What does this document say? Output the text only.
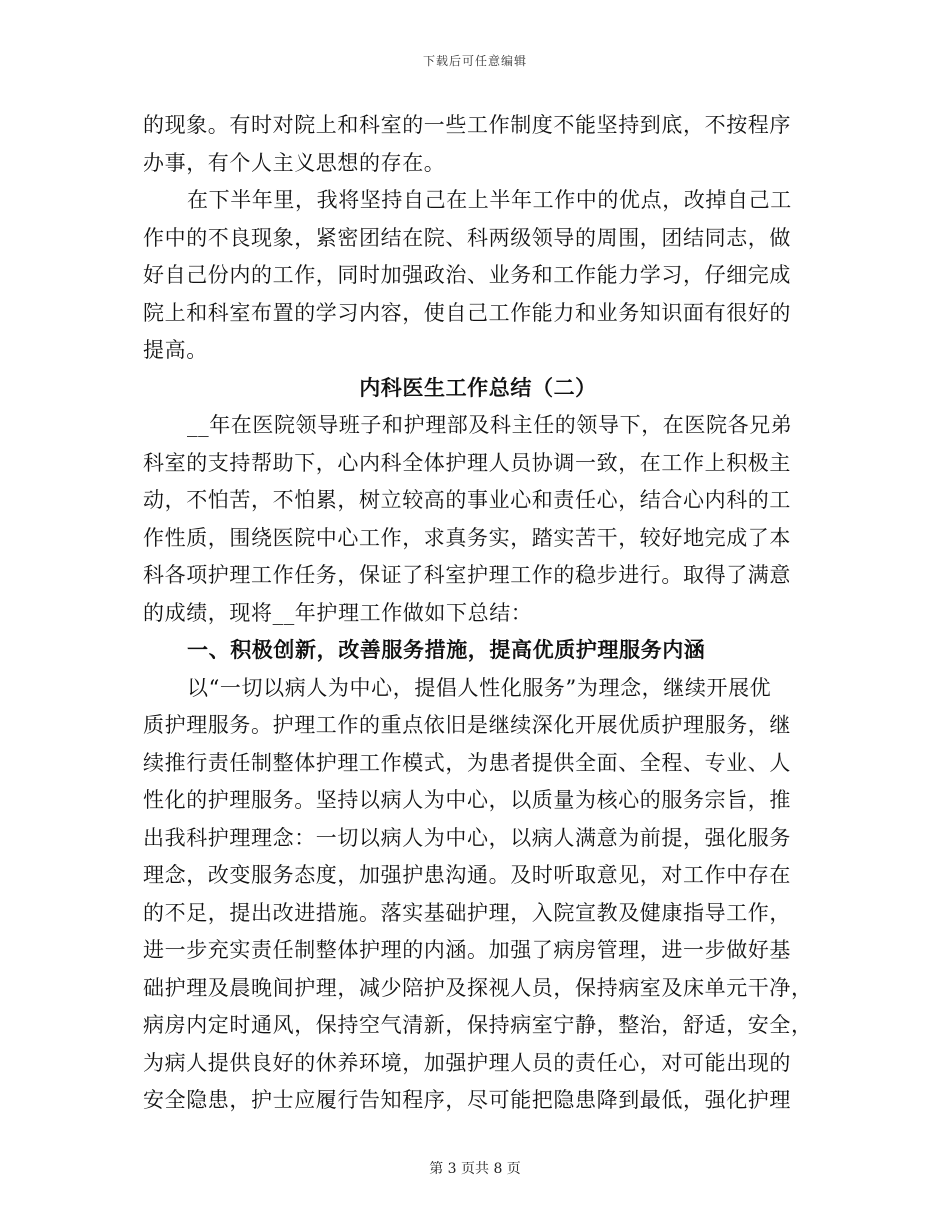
下载后可任意编辑
的现象。有时对院上和科室的一些工作制度不能坚持到底，不按程序
办事，有个人主义思想的存在。
在下半年里，我将坚持自己在上半年工作中的优点，改掉自己工
作中的不良现象，紧密团结在院、科两级领导的周围，团结同志，做
好自己份内的工作，同时加强政治、业务和工作能力学习，仔细完成
院上和科室布置的学习内容，使自己工作能力和业务知识面有很好的
提高。
内科医生工作总结（二）
__年在医院领导班子和护理部及科主任的领导下，在医院各兄弟
科室的支持帮助下，心内科全体护理人员协调一致，在工作上积极主
动，不怕苦，不怕累，树立较高的事业心和责任心，结合心内科的工
作性质，围绕医院中心工作，求真务实，踏实苦干，较好地完成了本
科各项护理工作任务，保证了科室护理工作的稳步进行。取得了满意
的成绩，现将__年护理工作做如下总结：
一、积极创新，改善服务措施，提高优质护理服务内涵
以“一切以病人为中心，提倡人性化服务”为理念，继续开展优
质护理服务。护理工作的重点依旧是继续深化开展优质护理服务，继
续推行责任制整体护理工作模式，为患者提供全面、全程、专业、人
性化的护理服务。坚持以病人为中心，以质量为核心的服务宗旨，推
出我科护理理念：一切以病人为中心，以病人满意为前提，强化服务
理念，改变服务态度，加强护患沟通。及时听取意见，对工作中存在
的不足，提出改进措施。落实基础护理，入院宣教及健康指导工作，
进一步充实责任制整体护理的内涵。加强了病房管理，进一步做好基
础护理及晨晚间护理，减少陪护及探视人员，保持病室及床单元干净，
病房内定时通风，保持空气清新，保持病室宁静，整治，舒适，安全，
为病人提供良好的休养环境，加强护理人员的责任心，对可能出现的
安全隐患，护士应履行告知程序，尽可能把隐患降到最低，强化护理
第 3 页共 8 页
